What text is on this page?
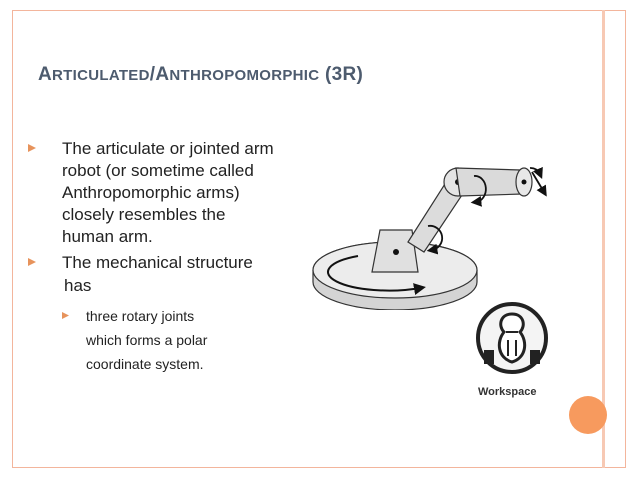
ARTICULATED/ANTHROPOMORPHIC (3R)
The articulate or jointed arm
robot (or sometime called
Anthropomorphic arms)
closely resembles the
human arm.
The mechanical structure
has
three rotary joints
which forms a polar
coordinate system.
Workspace
